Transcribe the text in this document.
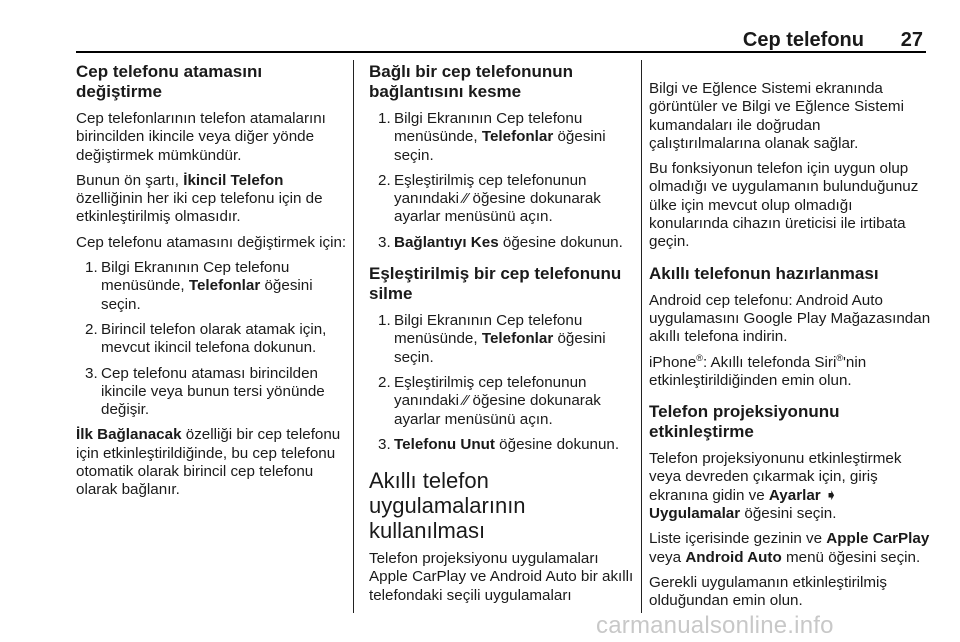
Cep telefonu 27
Cep telefonu atamasını
değiştirme

Cep telefonlarının telefon atamalarını birincilden ikincile veya diğer yönde değiştirmek mümkündür.

Bunun ön şartı, İkincil Telefon özelliğinin her iki cep telefonu için de etkinleştirilmiş olmasıdır.

Cep telefonu atamasını değiştirmek için:

1. Bilgi Ekranının Cep telefonu menüsünde, Telefonlar öğesini seçin.
2. Birincil telefon olarak atamak için, mevcut ikincil telefona dokunun.
3. Cep telefonu ataması birincilden ikincile veya bunun tersi yönünde değişir.

İlk Bağlanacak özelliği bir cep telefonu için etkinleştirildiğinde, bu cep telefonu otomatik olarak birincil cep telefonu olarak bağlanır.

Bağlı bir cep telefonunun
bağlantısını kesme
1. Bilgi Ekranının Cep telefonu menüsünde, Telefonlar öğesini seçin.
2. Eşleştirilmiş cep telefonunun yanındaki ⁄⁄ öğesine dokunarak ayarlar menüsünü açın.
3. Bağlantıyı Kes öğesine dokunun.
Eşleştirilmiş bir cep telefonunu
silme
1. Bilgi Ekranının Cep telefonu menüsünde, Telefonlar öğesini seçin.
2. Eşleştirilmiş cep telefonunun yanındaki ⁄⁄ öğesine dokunarak ayarlar menüsünü açın.
3. Telefonu Unut öğesine dokunun.
Akıllı telefon
uygulamalarının
kullanılması

Telefon projeksiyonu uygulamaları Apple CarPlay ve Android Auto bir akıllı telefondaki seçili uygulamaları

Bilgi ve Eğlence Sistemi ekranında görüntüler ve Bilgi ve Eğlence Sistemi kumandaları ile doğrudan çalıştırılmalarına olanak sağlar.

Bu fonksiyonun telefon için uygun olup olmadığı ve uygulamanın bulunduğunuz ülke için mevcut olup olmadığı konularında cihazın üreticisi ile irtibata geçin.

Akıllı telefonun hazırlanması

Android cep telefonu: Android Auto uygulamasını Google Play Mağazasından akıllı telefona indirin.

iPhone®: Akıllı telefonda Siri®'nin etkinleştirildiğinden emin olun.

Telefon projeksiyonunu
etkinleştirme

Telefon projeksiyonunu etkinleştirmek veya devreden çıkarmak için, giriş ekranına gidin ve Ayarlar ➧ Uygulamalar öğesini seçin.

Liste içerisinde gezinin ve Apple CarPlay veya Android Auto menü öğesini seçin.

Gerekli uygulamanın etkinleştirilmiş olduğundan emin olun.

carmanualsonline.info
